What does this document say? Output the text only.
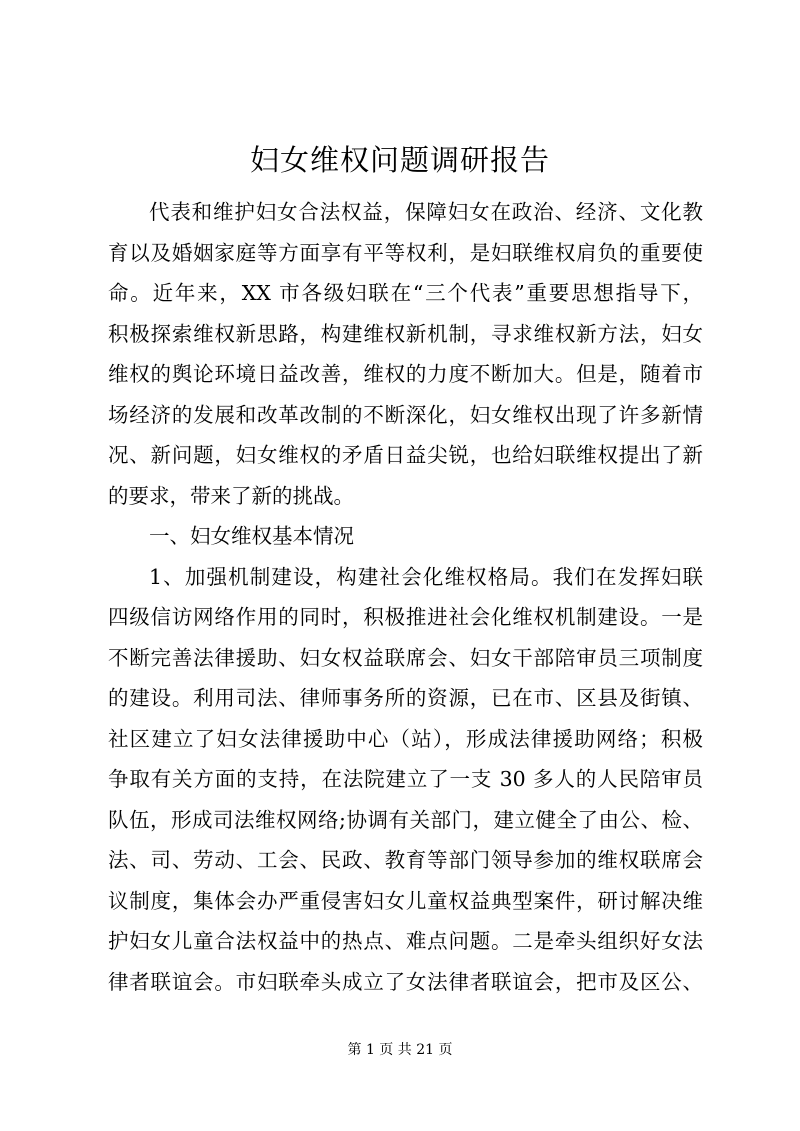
妇女维权问题调研报告
代表和维护妇女合法权益，保障妇女在政治、经济、文化教
育以及婚姻家庭等方面享有平等权利，是妇联维权肩负的重要使
命。近年来，XX 市各级妇联在“三个代表”重要思想指导下，
积极探索维权新思路，构建维权新机制，寻求维权新方法，妇女
维权的舆论环境日益改善，维权的力度不断加大。但是，随着市
场经济的发展和改革改制的不断深化，妇女维权出现了许多新情
况、新问题，妇女维权的矛盾日益尖锐，也给妇联维权提出了新
的要求，带来了新的挑战。
一、妇女维权基本情况
1、加强机制建设，构建社会化维权格局。我们在发挥妇联
四级信访网络作用的同时，积极推进社会化维权机制建设。一是
不断完善法律援助、妇女权益联席会、妇女干部陪审员三项制度
的建设。利用司法、律师事务所的资源，已在市、区县及街镇、
社区建立了妇女法律援助中心（站），形成法律援助网络；积极
争取有关方面的支持，在法院建立了一支 30 多人的人民陪审员
队伍，形成司法维权网络;协调有关部门，建立健全了由公、检、
法、司、劳动、工会、民政、教育等部门领导参加的维权联席会
议制度，集体会办严重侵害妇女儿童权益典型案件，研讨解决维
护妇女儿童合法权益中的热点、难点问题。二是牵头组织好女法
律者联谊会。市妇联牵头成立了女法律者联谊会，把市及区公、
第 1 页 共 21 页
